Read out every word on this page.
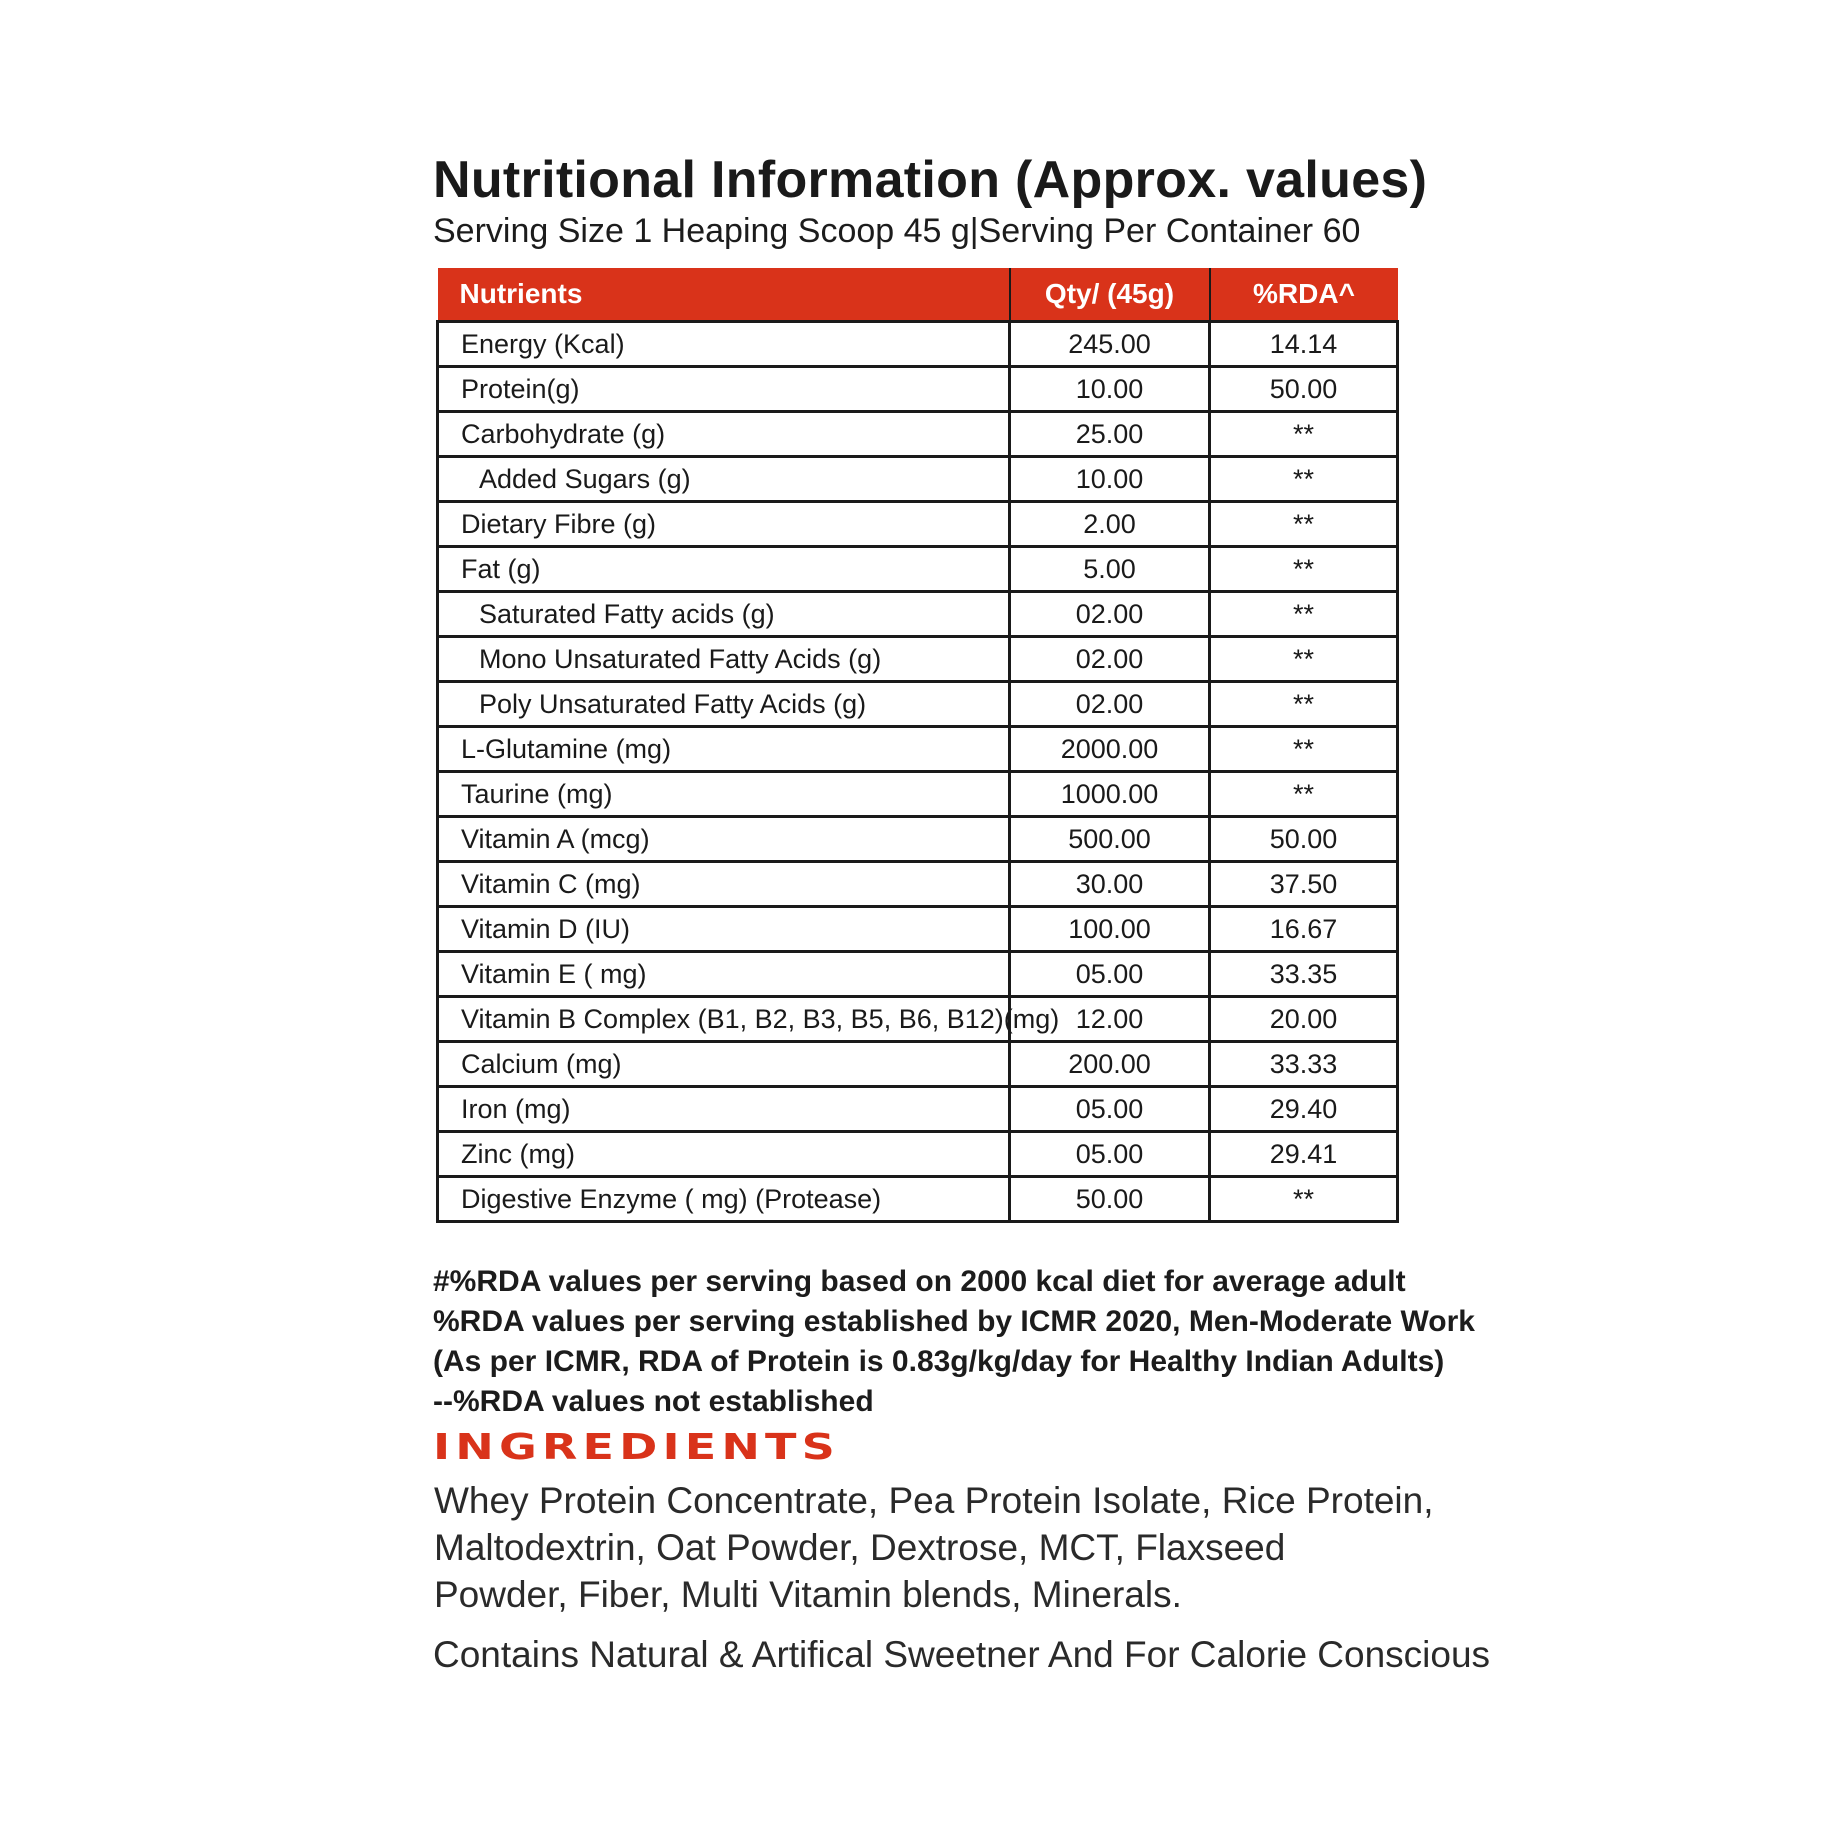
Nutritional Information (Approx. values)
Serving Size 1 Heaping Scoop 45 g|Serving Per Container 60
Nutrients	Qty/ (45g)	%RDA^
Energy (Kcal)	245.00	14.14
Protein(g)	10.00	50.00
Carbohydrate (g)	25.00	**
Added Sugars (g)	10.00	**
Dietary Fibre (g)	2.00	**
Fat (g)	5.00	**
Saturated Fatty acids (g)	02.00	**
Mono Unsaturated Fatty Acids (g)	02.00	**
Poly Unsaturated Fatty Acids (g)	02.00	**
L-Glutamine (mg)	2000.00	**
Taurine (mg)	1000.00	**
Vitamin A (mcg)	500.00	50.00
Vitamin C (mg)	30.00	37.50
Vitamin D (IU)	100.00	16.67
Vitamin E ( mg)	05.00	33.35
Vitamin B Complex (B1, B2, B3, B5, B6, B12)(mg)	12.00	20.00
Calcium (mg)	200.00	33.33
Iron (mg)	05.00	29.40
Zinc (mg)	05.00	29.41
Digestive Enzyme ( mg) (Protease)	50.00	**
#%RDA values per serving based on 2000 kcal diet for average adult
%RDA values per serving established by ICMR 2020, Men-Moderate Work
(As per ICMR, RDA of Protein is 0.83g/kg/day for Healthy Indian Adults)
--%RDA values not established
INGREDIENTS
Whey Protein Concentrate, Pea Protein Isolate, Rice Protein,
Maltodextrin, Oat Powder, Dextrose, MCT, Flaxseed
Powder, Fiber, Multi Vitamin blends, Minerals.
Contains Natural & Artifical Sweetner And For Calorie Conscious
